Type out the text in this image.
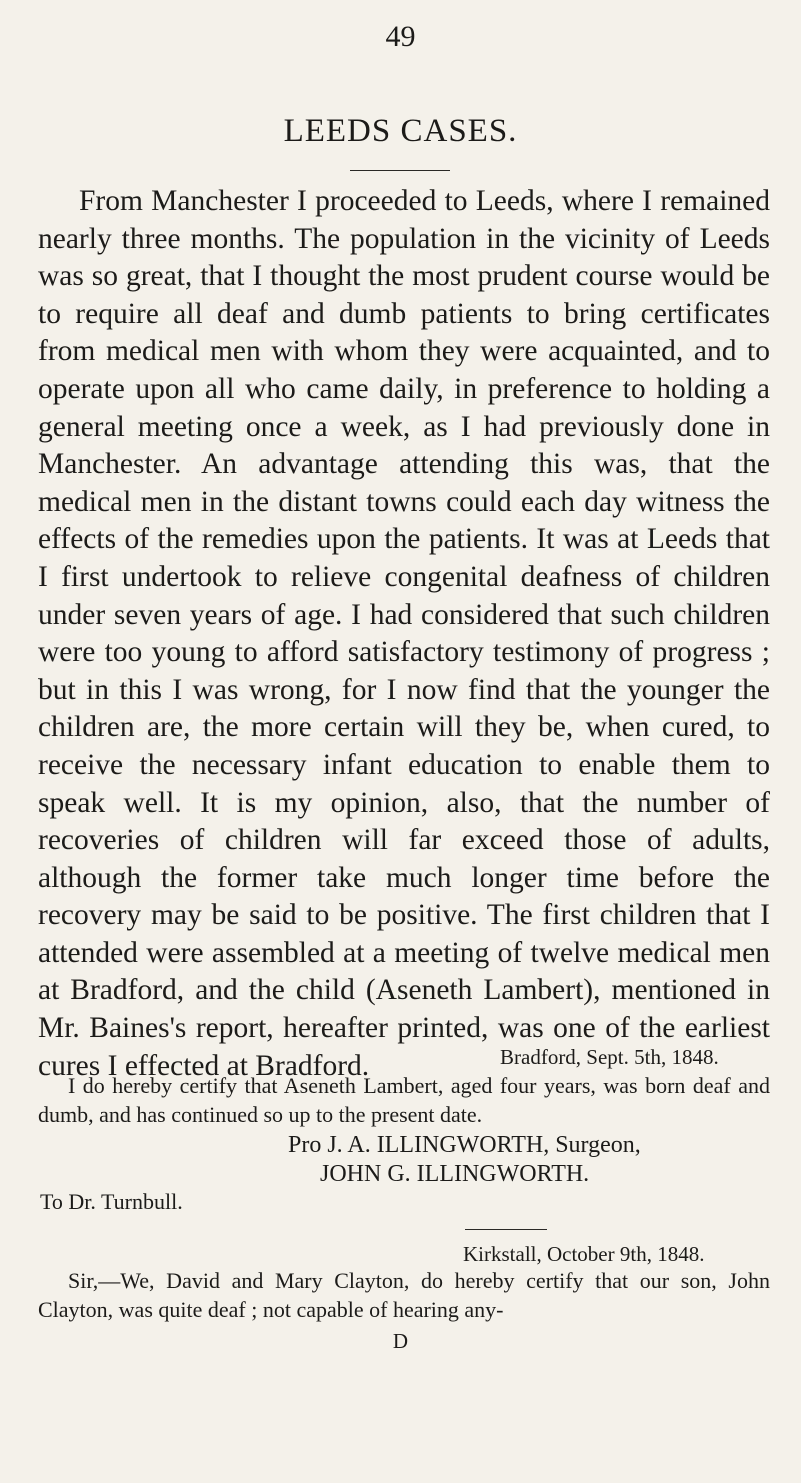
49
LEEDS CASES.

From Manchester I proceeded to Leeds, where I remained nearly three months. The population in the vicinity of Leeds was so great, that I thought the most prudent course would be to require all deaf and dumb patients to bring certificates from medical men with whom they were acquainted, and to operate upon all who came daily, in preference to holding a general meeting once a week, as I had previously done in Manchester. An advantage attending this was, that the medical men in the distant towns could each day witness the effects of the remedies upon the patients. It was at Leeds that I first undertook to relieve congenital deafness of children under seven years of age. I had considered that such children were too young to afford satisfactory testimony of progress ; but in this I was wrong, for I now find that the younger the children are, the more certain will they be, when cured, to receive the necessary infant education to enable them to speak well. It is my opinion, also, that the number of recoveries of children will far exceed those of adults, although the former take much longer time before the recovery may be said to be positive. The first children that I attended were assembled at a meeting of twelve medical men at Bradford, and the child (Aseneth Lambert), mentioned in Mr. Baines's report, hereafter printed, was one of the earliest cures I effected at Bradford.	Bradford, Sept. 5th, 1848.

I do hereby certify that Aseneth Lambert, aged four years, was born deaf and dumb, and has continued so up to the present date.

Pro J. A. ILLINGWORTH, Surgeon,
JOHN G. ILLINGWORTH.
To Dr. Turnbull.
Kirkstall, October 9th, 1848.

Sir,—We, David and Mary Clayton, do hereby certify that our son, John Clayton, was quite deaf ; not capable of hearing any-

D
